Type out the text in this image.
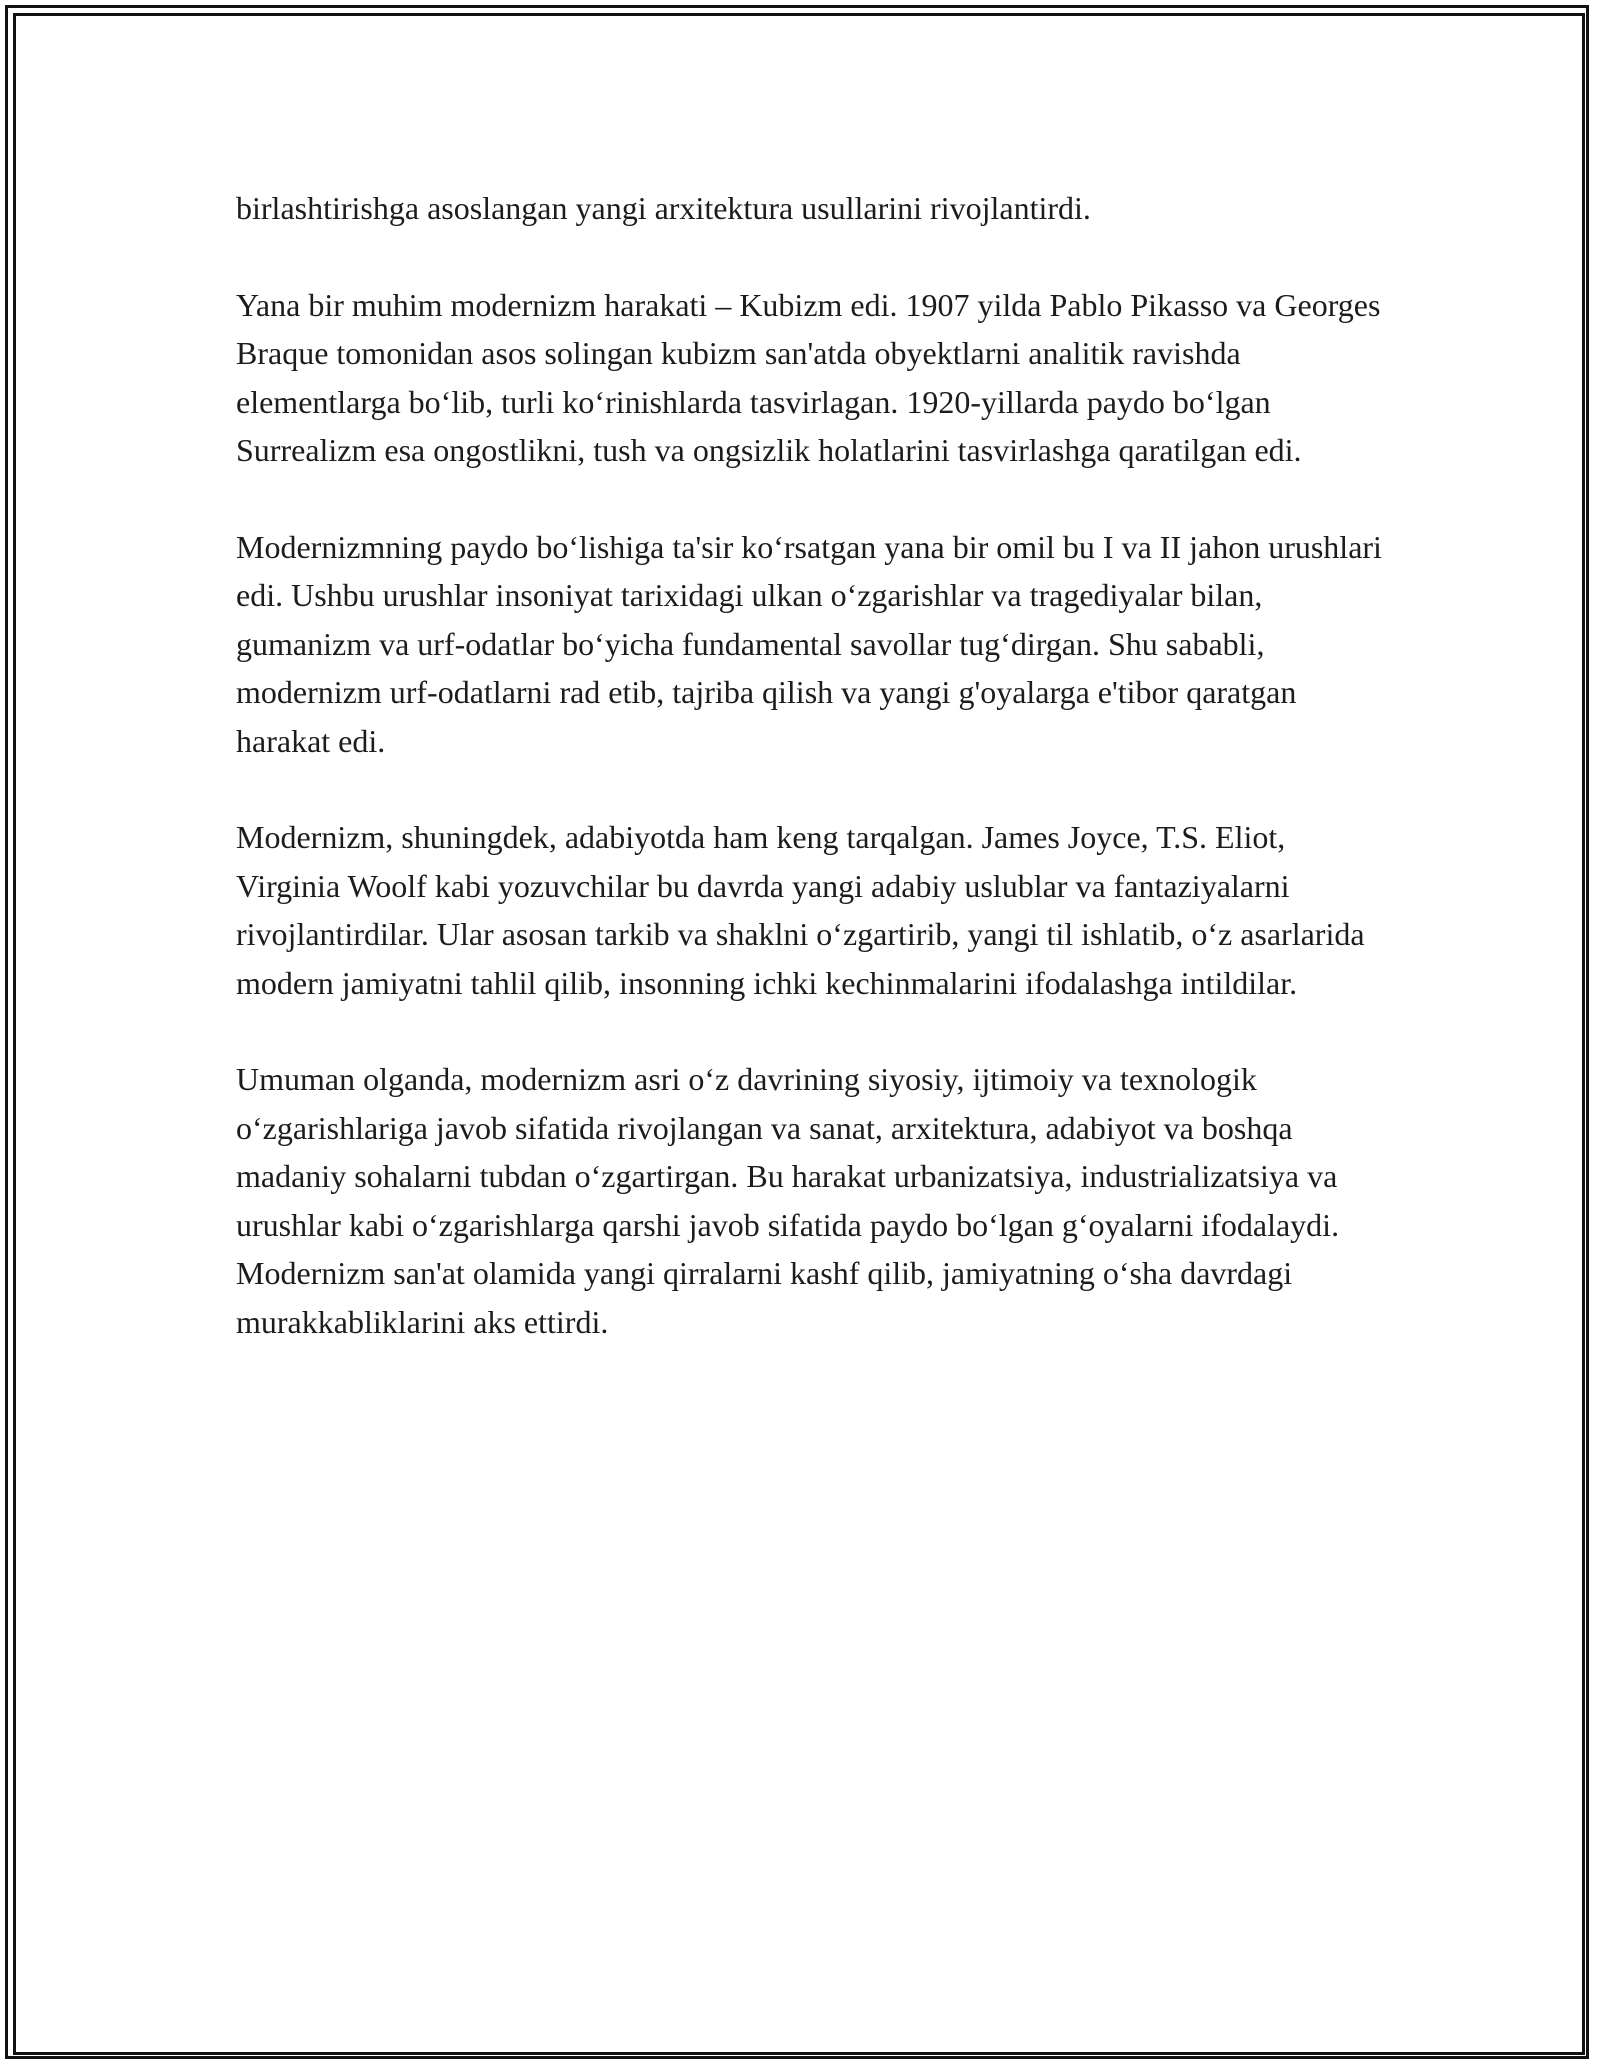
birlashtirishga asoslangan yangi arxitektura usullarini rivojlantirdi.

Yana bir muhim modernizm harakati – Kubizm edi. 1907 yilda Pablo Pikasso va Georges Braque tomonidan asos solingan kubizm san'atda obyektlarni analitik ravishda elementlarga bo‘lib, turli ko‘rinishlarda tasvirlagan. 1920-yillarda paydo bo‘lgan Surrealizm esa ongostlikni, tush va ongsizlik holatlarini tasvirlashga qaratilgan edi.

Modernizmning paydo bo‘lishiga ta'sir ko‘rsatgan yana bir omil bu I va II jahon urushlari edi. Ushbu urushlar insoniyat tarixidagi ulkan o‘zgarishlar va tragediyalar bilan, gumanizm va urf-odatlar bo‘yicha fundamental savollar tug‘dirgan. Shu sababli, modernizm urf-odatlarni rad etib, tajriba qilish va yangi g'oyalarga e'tibor qaratgan harakat edi.

Modernizm, shuningdek, adabiyotda ham keng tarqalgan. James Joyce, T.S. Eliot, Virginia Woolf kabi yozuvchilar bu davrda yangi adabiy uslublar va fantaziyalarni rivojlantirdilar. Ular asosan tarkib va shaklni o‘zgartirib, yangi til ishlatib, o‘z asarlarida modern jamiyatni tahlil qilib, insonning ichki kechinmalarini ifodalashga intildilar.

Umuman olganda, modernizm asri o‘z davrining siyosiy, ijtimoiy va texnologik o‘zgarishlariga javob sifatida rivojlangan va sanat, arxitektura, adabiyot va boshqa madaniy sohalarni tubdan o‘zgartirgan. Bu harakat urbanizatsiya, industrializatsiya va urushlar kabi o‘zgarishlarga qarshi javob sifatida paydo bo‘lgan g‘oyalarni ifodalaydi. Modernizm san'at olamida yangi qirralarni kashf qilib, jamiyatning o‘sha davrdagi murakkabliklarini aks ettirdi.
